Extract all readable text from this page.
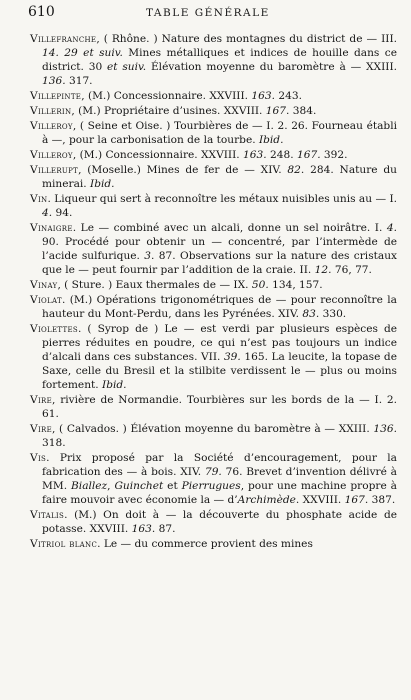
610	TABLE GÉNÉRALE

Villefranche, ( Rhône. ) Nature des montagnes du district de — III. 14. 29 et suiv. Mines métalliques et indices de houille dans ce district. 30 et suiv. Élévation moyenne du baromètre à — XXIII. 136. 317.

Villepinte, (M.) Concessionnaire. XXVIII. 163. 243.

Villerin, (M.) Propriétaire d’usines. XXVIII. 167. 384.

Villeroy, ( Seine et Oise. ) Tourbières de — I. 2. 26. Fourneau établi à —, pour la carbonisation de la tourbe. Ibid.

Villeroy, (M.) Concessionnaire. XXVIII. 163. 248. 167. 392.

Villerupt, (Moselle.) Mines de fer de — XIV. 82. 284. Nature du minerai. Ibid.

Vin. Liqueur qui sert à reconnoître les métaux nuisibles unis au — I. 4. 94.

Vinaigre. Le — combiné avec un alcali, donne un sel noirâtre. I. 4. 90. Procédé pour obtenir un — concentré, par l’intermède de l’acide sulfurique. 3. 87. Observations sur la nature des cristaux que le — peut fournir par l’addition de la craie. II. 12. 76, 77.

Vinay, ( Sture. ) Eaux thermales de — IX. 50. 134, 157.

Violat. (M.) Opérations trigonométriques de — pour reconnoître la hauteur du Mont-Perdu, dans les Pyrénées. XIV. 83. 330.

Violettes. ( Syrop de ) Le — est verdi par plusieurs espèces de pierres réduites en poudre, ce qui n’est pas toujours un indice d’alcali dans ces substances. VII. 39. 165. La leucite, la topase de Saxe, celle du Bresil et la stilbite verdissent le — plus ou moins fortement. Ibid.

Vire, rivière de Normandie. Tourbières sur les bords de la — I. 2. 61.

Vire, ( Calvados. ) Élévation moyenne du baromètre à — XXIII. 136. 318.

Vis. Prix proposé par la Société d’encouragement, pour la fabrication des — à bois. XIV. 79. 76. Brevet d’invention délivré à MM. Biallez, Guinchet et Pierrugues, pour une machine propre à faire mouvoir avec économie la — d’Archimède. XXVIII. 167. 387.

Vitalis. (M.) On doit à — la découverte du phosphate acide de potasse. XXVIII. 163. 87.

Vitriol blanc. Le — du commerce provient des mines
